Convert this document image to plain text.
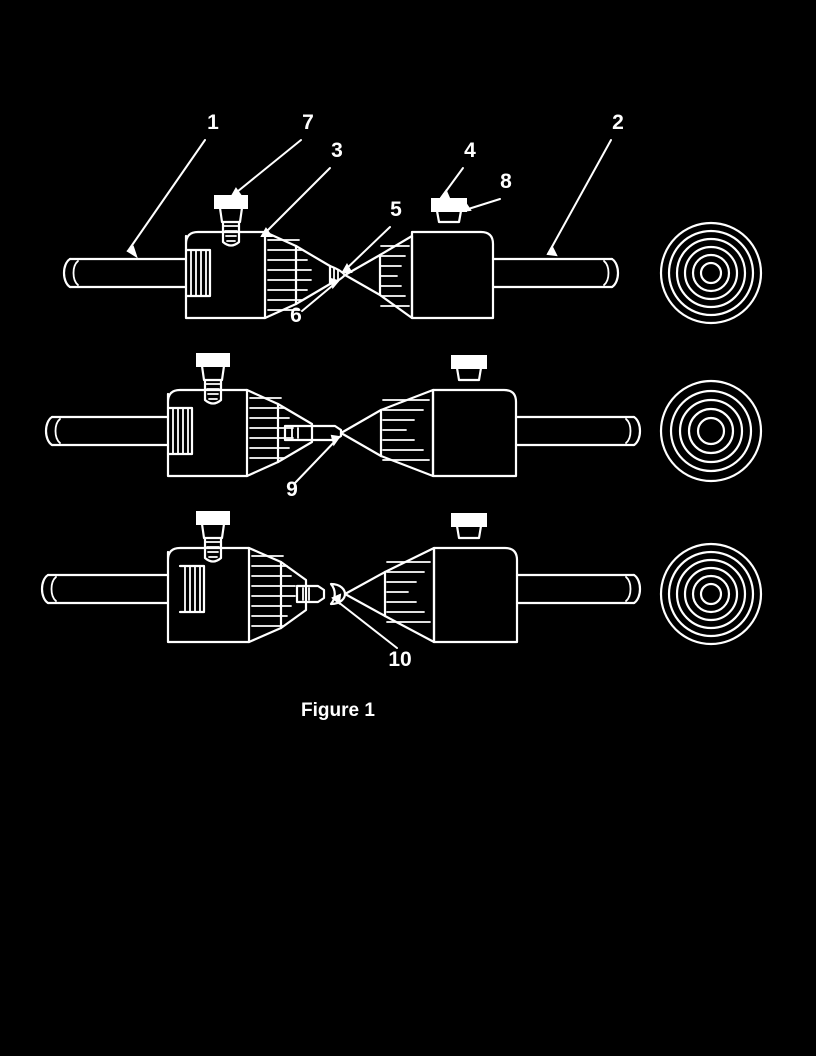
1	7
3	4
2
8
5
6
9
10
Figure 1
